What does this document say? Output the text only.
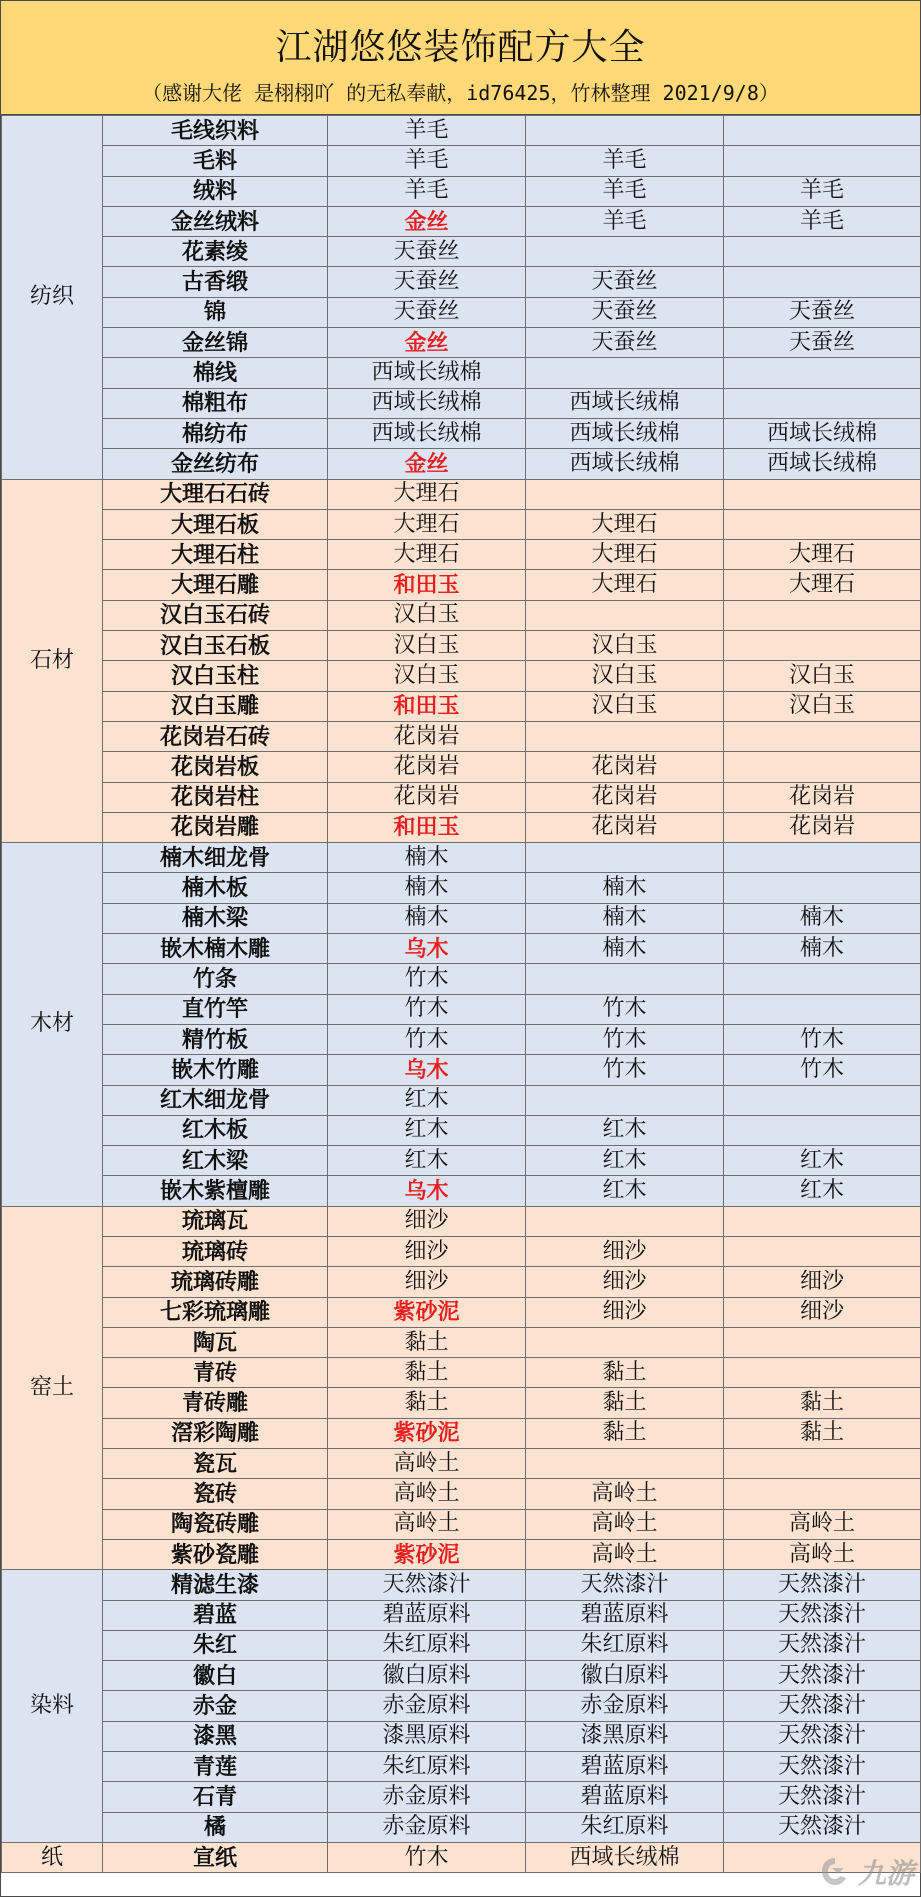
江湖悠悠装饰配方大全
（感谢大佬 是栩栩吖 的无私奉献，id76425，竹林整理 2021/9/8）
纺织	毛线织料	羊毛			
	毛料	羊毛	羊毛		
	绒料	羊毛	羊毛	羊毛	
	金丝绒料	金丝	羊毛	羊毛	
	花素绫	天蚕丝			
	古香缎	天蚕丝	天蚕丝		
	锦	天蚕丝	天蚕丝	天蚕丝	
	金丝锦	金丝	天蚕丝	天蚕丝	
	棉线	西域长绒棉			
	棉粗布	西域长绒棉	西域长绒棉		
	棉纺布	西域长绒棉	西域长绒棉	西域长绒棉	
	金丝纺布	金丝	西域长绒棉	西域长绒棉	
石材	大理石石砖	大理石			
	大理石板	大理石	大理石		
	大理石柱	大理石	大理石	大理石	
	大理石雕	和田玉	大理石	大理石	
	汉白玉石砖	汉白玉			
	汉白玉石板	汉白玉	汉白玉		
	汉白玉柱	汉白玉	汉白玉	汉白玉	
	汉白玉雕	和田玉	汉白玉	汉白玉	
	花岗岩石砖	花岗岩			
	花岗岩板	花岗岩	花岗岩		
	花岗岩柱	花岗岩	花岗岩	花岗岩	
	花岗岩雕	和田玉	花岗岩	花岗岩	
木材	楠木细龙骨	楠木			
	楠木板	楠木	楠木		
	楠木梁	楠木	楠木	楠木	
	嵌木楠木雕	乌木	楠木	楠木	
	竹条	竹木			
	直竹竿	竹木	竹木		
	精竹板	竹木	竹木	竹木	
	嵌木竹雕	乌木	竹木	竹木	
	红木细龙骨	红木			
	红木板	红木	红木		
	红木梁	红木	红木	红木	
	嵌木紫檀雕	乌木	红木	红木	
窑土	琉璃瓦	细沙			
	琉璃砖	细沙	细沙		
	琉璃砖雕	细沙	细沙	细沙	
	七彩琉璃雕	紫砂泥	细沙	细沙	
	陶瓦	黏土			
	青砖	黏土	黏土		
	青砖雕	黏土	黏土	黏土	
	滘彩陶雕	紫砂泥	黏土	黏土	
	瓷瓦	高岭土			
	瓷砖	高岭土	高岭土		
	陶瓷砖雕	高岭土	高岭土	高岭土	
	紫砂瓷雕	紫砂泥	高岭土	高岭土	
染料	精滤生漆	天然漆汁	天然漆汁	天然漆汁	
	碧蓝	碧蓝原料	碧蓝原料	天然漆汁	
	朱红	朱红原料	朱红原料	天然漆汁	
	徽白	徽白原料	徽白原料	天然漆汁	
	赤金	赤金原料	赤金原料	天然漆汁	
	漆黑	漆黑原料	漆黑原料	天然漆汁	
	青莲	朱红原料	碧蓝原料	天然漆汁	
	石青	赤金原料	碧蓝原料	天然漆汁	
	橘	赤金原料	朱红原料	天然漆汁	
纸	宣纸	竹木	西域长绒棉			九游
